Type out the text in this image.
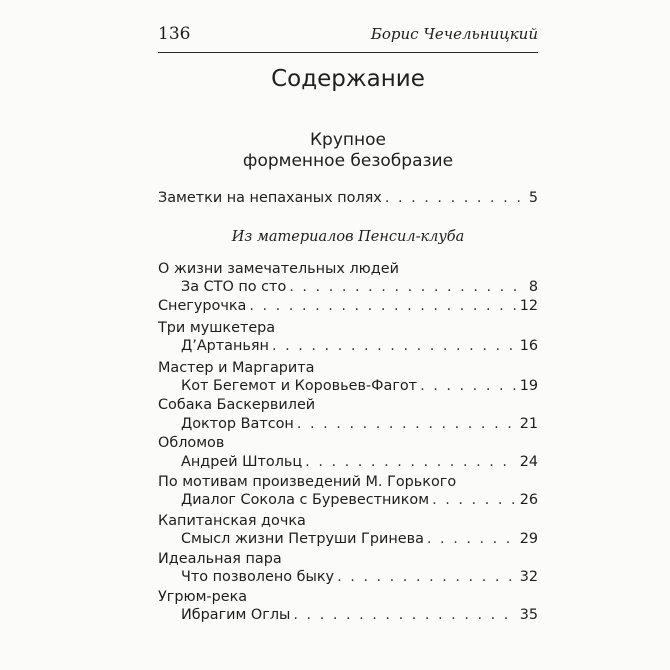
136	Борис Чечельницкий
Содержание
Крупное
форменное безобразие
Заметки на непаханых полях . . .	5
Из материалов Пенсил-клуба
О жизни замечательных людей
За СТО по сто . . .	8
Снегурочка . . .	12
Три мушкетера
Д’Артаньян . . .	16
Мастер и Маргарита
Кот Бегемот и Коровьев-Фагот . . .	19
Собака Баскервилей
Доктор Ватсон . . .	21
Обломов
Андрей Штольц . . .	24
По мотивам произведений М. Горького
Диалог Сокола с Буревестником . . .	26
Капитанская дочка
Смысл жизни Петруши Гринева . . .	29
Идеальная пара
Что позволено быку . . .	32
Угрюм-река
Ибрагим Оглы . . .	35
